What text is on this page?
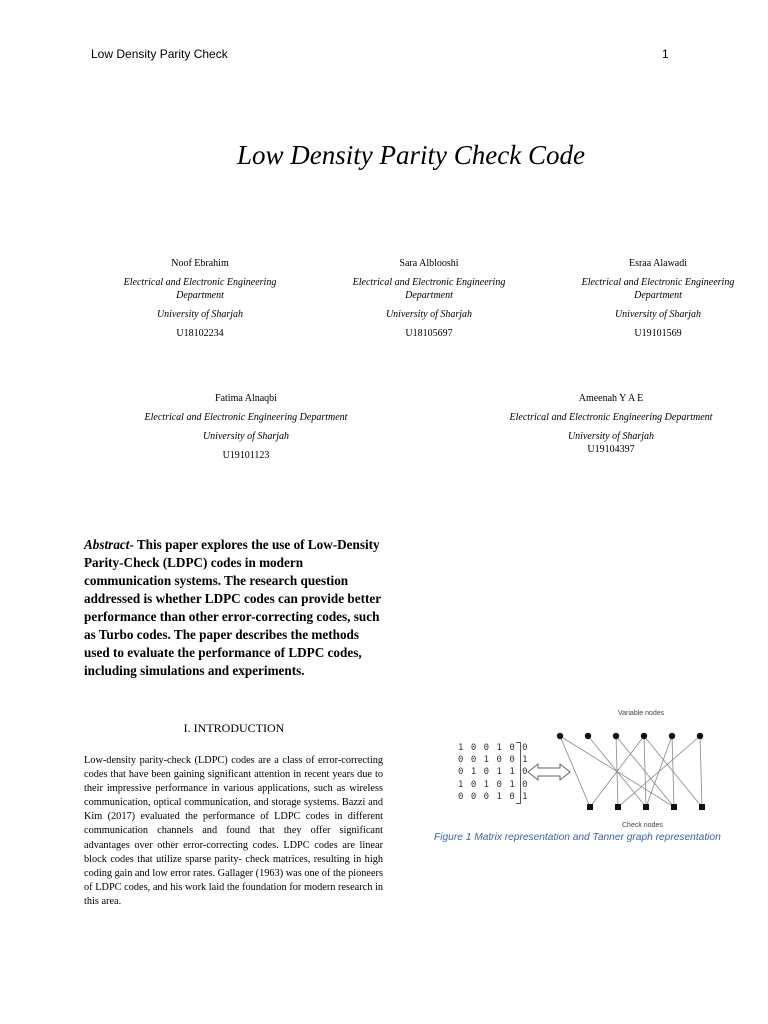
Low Density Parity Check	1
Low Density Parity Check Code
Noof Ebrahim
Electrical and Electronic Engineering Department
University of Sharjah
U18102234
Sara Alblooshi
Electrical and Electronic Engineering Department
University of Sharjah
U18105697
Esraa Alawadi
Electrical and Electronic Engineering Department
University of Sharjah
U19101569
Fatima Alnaqbi
Electrical and Electronic Engineering Department
University of Sharjah
U19101123
Ameenah Y A E
Electrical and Electronic Engineering Department
University of Sharjah
U19104397
Abstract- This paper explores the use of Low-Density Parity-Check (LDPC) codes in modern communication systems. The research question addressed is whether LDPC codes can provide better performance than other error-correcting codes, such as Turbo codes. The paper describes the methods used to evaluate the performance of LDPC codes, including simulations and experiments.
I. INTRODUCTION
Low-density parity-check (LDPC) codes are a class of error-correcting codes that have been gaining significant attention in recent years due to their impressive performance in various applications, such as wireless communication, optical communication, and storage systems. Bazzi and Kim (2017) evaluated the performance of LDPC codes in different communication channels and found that they offer significant advantages over other error-correcting codes. LDPC codes are linear block codes that utilize sparse parity- check matrices, resulting in high coding gain and low error rates. Gallager (1963) was one of the pioneers of LDPC codes, and his work laid the foundation for modern research in this area.
Variable nodes
1 0 0 1 0 0
0 0 1 0 0 1
0 1 0 1 1 0
1 0 1 0 1 0
0 0 0 1 0 1
Check nodes
Figure 1 Matrix representation and Tanner graph representation
